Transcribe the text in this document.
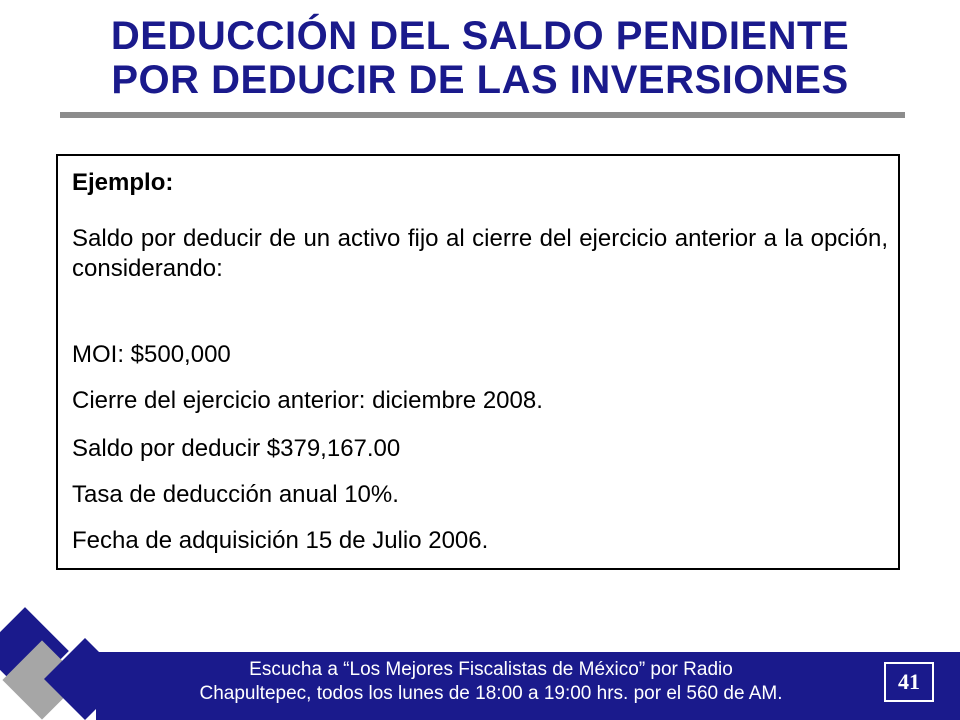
DEDUCCIÓN DEL SALDO PENDIENTE
POR DEDUCIR DE LAS INVERSIONES
Ejemplo:
Saldo por deducir de un activo fijo al cierre del ejercicio anterior a la opción, considerando:
MOI: $500,000
Cierre del ejercicio anterior: diciembre 2008.
Saldo por deducir $379,167.00
Tasa de deducción anual 10%.
Fecha de adquisición 15 de Julio 2006.
Escucha a “Los Mejores Fiscalistas de México” por Radio
Chapultepec, todos los lunes de 18:00 a 19:00 hrs. por el 560 de AM.	41
